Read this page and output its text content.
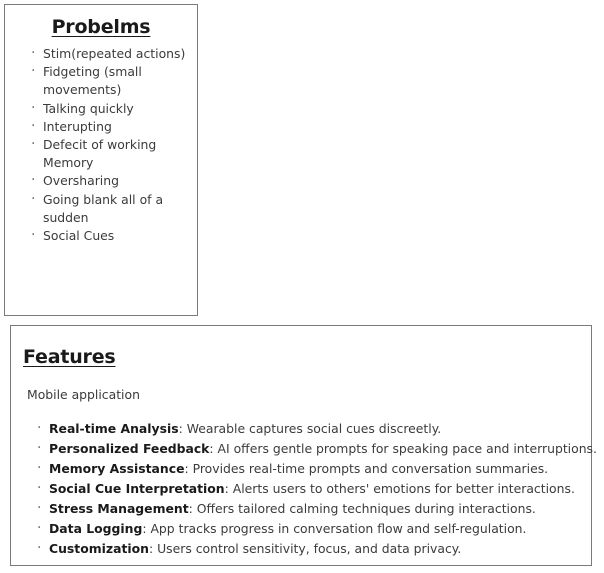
Probelms
· Stim(repeated actions)
· Fidgeting (small movements)
· Talking quickly
· Interupting
· Defecit of working Memory
· Oversharing
· Going blank all of a sudden
· Social Cues
Features
Mobile application
· Real-time Analysis: Wearable captures social cues discreetly.
· Personalized Feedback: AI offers gentle prompts for speaking pace and interruptions.
· Memory Assistance: Provides real-time prompts and conversation summaries.
· Social Cue Interpretation: Alerts users to others' emotions for better interactions.
· Stress Management: Offers tailored calming techniques during interactions.
· Data Logging: App tracks progress in conversation flow and self-regulation.
· Customization: Users control sensitivity, focus, and data privacy.
